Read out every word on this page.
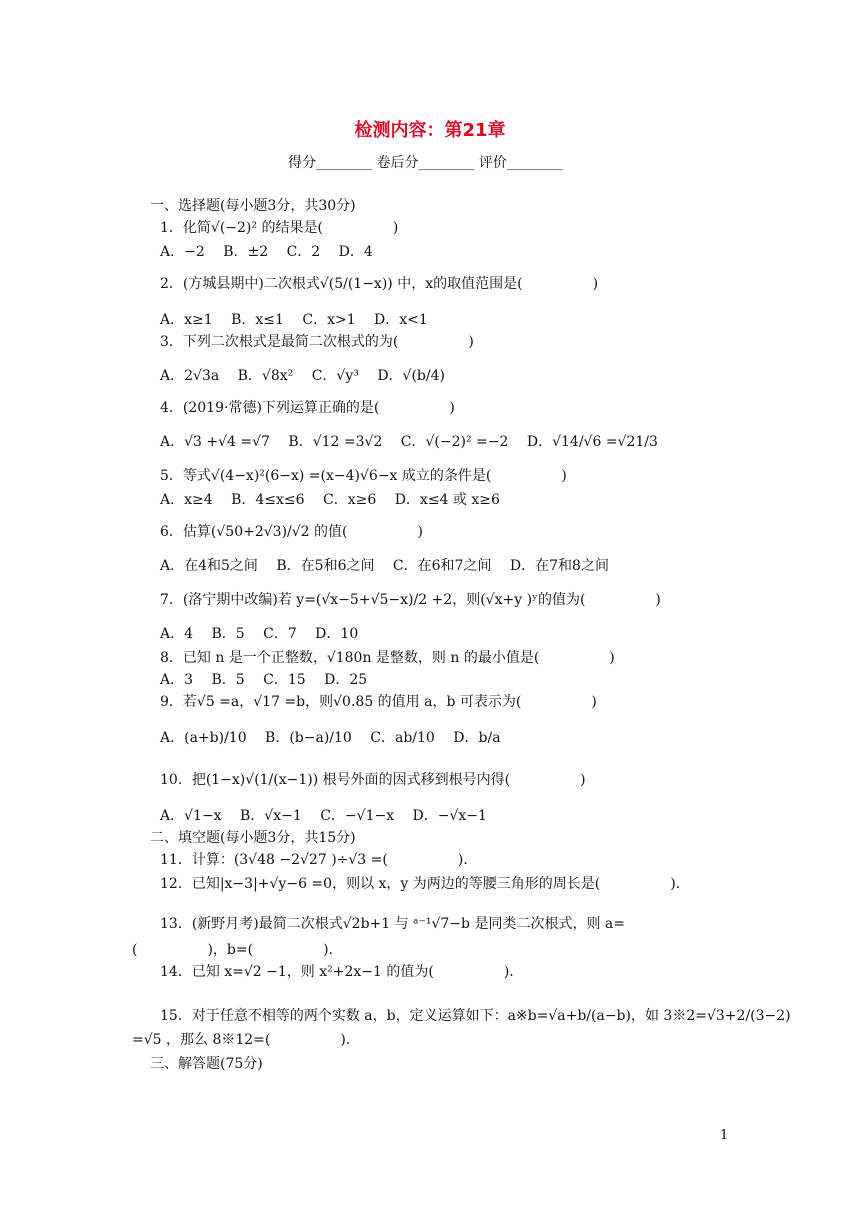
检测内容：第21章
得分________ 卷后分________ 评价________
一、选择题(每小题3分，共30分)
1．化简√(−2)² 的结果是(　　　　　)
A．−2　 B．±2　 C．2　 D．4
2．(方城县期中)二次根式√(5/(1−x)) 中，x的取值范围是(　　　　　)
A．x≥1　 B．x≤1　 C．x>1　 D．x<1
3．下列二次根式是最简二次根式的为(　　　　　)
A．2√3a　 B．√8x²　 C．√y³　 D．√(b/4)
4．(2019·常德)下列运算正确的是(　　　　　)
A．√3 +√4 =√7　 B．√12 =3√2　 C．√(−2)² =−2　 D．√14/√6 =√21/3
5．等式√(4−x)²(6−x) =(x−4)√6−x 成立的条件是(　　　　　)
A．x≥4　 B．4≤x≤6　 C．x≥6　 D．x≤4 或 x≥6
6．估算(√50+2√3)/√2 的值(　　　　　)
A．在4和5之间　 B．在5和6之间　 C．在6和7之间　 D．在7和8之间
7．(洛宁期中改编)若 y=(√x−5+√5−x)/2 +2，则(√x+y )ʸ的值为(　　　　　)
A．4　 B．5　 C．7　 D．10
8．已知 n 是一个正整数，√180n 是整数，则 n 的最小值是(　　　　　)
A．3　 B．5　 C．15　 D．25
9．若√5 =a，√17 =b，则√0.85 的值用 a，b 可表示为(　　　　　)
A．(a+b)/10　 B．(b−a)/10　 C．ab/10　 D．b/a
10．把(1−x)√(1/(x−1)) 根号外面的因式移到根号内得(　　　　　)
A．√1−x　 B．√x−1　 C．−√1−x　 D．−√x−1
二、填空题(每小题3分，共15分)
11．计算：(3√48 −2√27 )÷√3 =(　　　　　)．
12．已知|x−3|+√y−6 =0，则以 x，y 为两边的等腰三角形的周长是(　　　　　)．
13．(新野月考)最简二次根式√2b+1 与 ᵃ⁻¹√7−b 是同类二次根式，则 a=
(　　　　　)，b=(　　　　　)．
14．已知 x=√2 −1，则 x²+2x−1 的值为(　　　　　)．
15．对于任意不相等的两个实数 a，b，定义运算如下：a※b=√a+b/(a−b)，如 3※2=√3+2/(3−2)
=√5 ，那么 8※12=(　　　　　)．
三、解答题(75分)
1
